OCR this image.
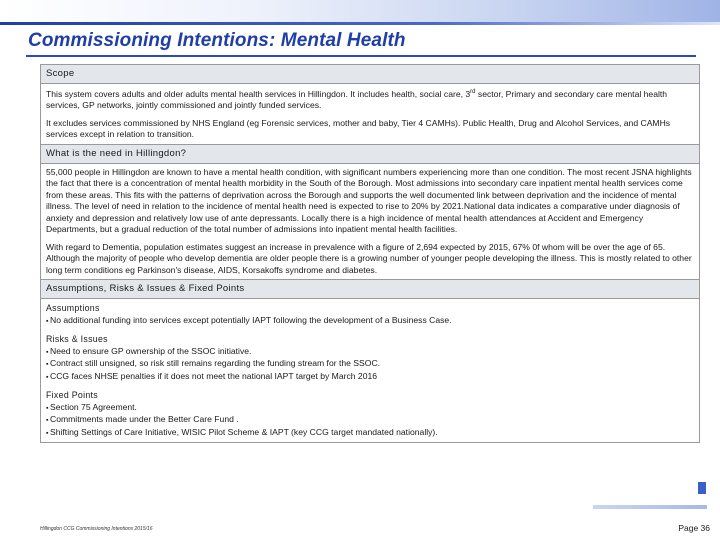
Commissioning Intentions: Mental Health
Scope

This system covers adults and older adults mental health services in Hillingdon. It includes health, social care, 3rd sector, Primary and secondary care mental health services, GP networks, jointly commissioned and jointly funded services.

It excludes services commissioned by NHS England (eg Forensic services, mother and baby, Tier 4 CAMHs). Public Health, Drug and Alcohol Services, and CAMHs services except in relation to transition.

What is the need in Hillingdon?

55,000 people in Hillingdon are known to have a mental health condition, with significant numbers experiencing more than one condition. The most recent JSNA highlights the fact that there is a concentration of mental health morbidity in the South of the Borough. Most admissions into secondary care inpatient mental health services come from these areas. This fits with the patterns of deprivation across the Borough and supports the well documented link between deprivation and the incidence of mental illness. The level of need in relation to the incidence of mental health need is expected to rise to 20% by 2021.National data indicates a comparative under diagnosis of anxiety and depression and relatively low use of ante depressants. Locally there is a high incidence of mental health attendances at Accident and Emergency Departments, but a gradual reduction of the total number of admissions into inpatient mental health facilities.

With regard to Dementia, population estimates suggest an increase in prevalence with a figure of 2,694 expected by 2015, 67% 0f whom will be over the age of 65. Although the majority of people who develop dementia are older people there is a growing number of younger people developing the illness. This is mostly related to other long term conditions eg Parkinson's disease, AIDS, Korsakoffs syndrome and diabetes.

Assumptions, Risks & Issues & Fixed Points
Assumptions
▪ No additional funding into services except potentially IAPT following the development of a Business Case.
Risks & Issues
▪ Need to ensure GP ownership of the SSOC initiative.
▪ Contract still unsigned, so risk still remains regarding the funding stream for the SSOC.
▪ CCG faces NHSE penalties if it does not meet the national IAPT target by March 2016
Fixed Points
▪ Section 75 Agreement.
▪ Commitments made under the Better Care Fund .
▪ Shifting Settings of Care Initiative, WISIC Pilot Scheme & IAPT (key CCG target mandated nationally).
Hillingdon CCG Commissioning Intentions 2015/16	Page 36
